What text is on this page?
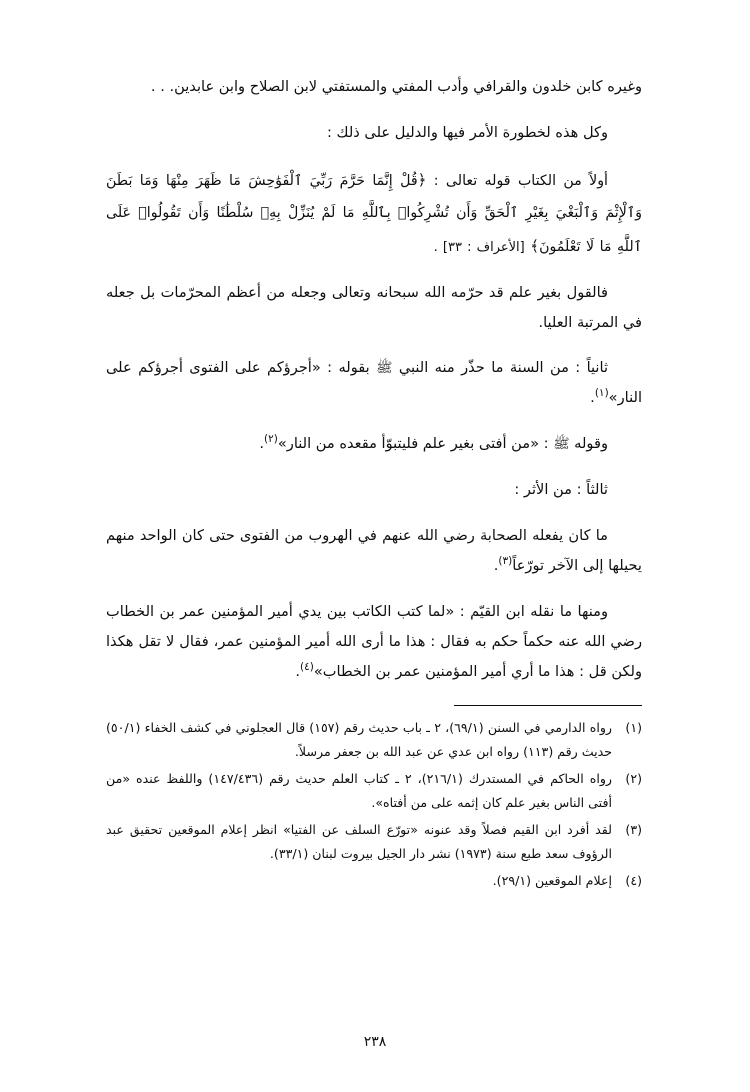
وغيره كابن خلدون والقرافي وأدب المفتي والمستفتي لابن الصلاح وابن عابدين. . .

وكل هذه لخطورة الأمر فيها والدليل على ذلك :

أولاً من الكتاب قوله تعالى : ﴿قُلْ إِنَّمَا حَرَّمَ رَبِّيَ ٱلْفَوَٰحِشَ مَا ظَهَرَ مِنْهَا وَمَا بَطَنَ وَٱلْإِثْمَ وَٱلْبَغْيَ بِغَيْرِ ٱلْحَقِّ وَأَن تُشْرِكُوا۟ بِٱللَّهِ مَا لَمْ يُنَزِّلْ بِهِۦ سُلْطَٰنًا وَأَن تَقُولُوا۟ عَلَى ٱللَّهِ مَا لَا تَعْلَمُونَ﴾ [الأعراف : ٣٣] .

فالقول بغير علم قد حرّمه الله سبحانه وتعالى وجعله من أعظم المحرّمات بل جعله في المرتبة العليا.

ثانياً : من السنة ما حذّر منه النبي ﷺ بقوله : «أجرؤكم على الفتوى أجرؤكم على النار»$^{(١)}$.

وقوله ﷺ : «من أفتى بغير علم فليتبوّأ مقعده من النار»$^{(٢)}$.

ثالثاً : من الأثر :

ما كان يفعله الصحابة رضي الله عنهم في الهروب من الفتوى حتى كان الواحد منهم يحيلها إلى الآخر تورّعاً$^{(٣)}$.

ومنها ما نقله ابن القيّم : «لما كتب الكاتب بين يدي أمير المؤمنين عمر بن الخطاب رضي الله عنه حكماً حكم به فقال : هذا ما أرى الله أمير المؤمنين عمر، فقال لا تقل هكذا ولكن قل : هذا ما أري أمير المؤمنين عمر بن الخطاب»$^{(٤)}$.

(١)
رواه الدارمي في السنن (٦٩/١)، ٢ ـ باب حديث رقم (١٥٧) قال العجلوني في كشف الخفاء (٥٠/١) حديث رقم (١١٣) رواه ابن عدي عن عبد الله بن جعفر مرسلاً.

(٢)
رواه الحاكم في المستدرك (٢١٦/١)، ٢ ـ كتاب العلم حديث رقم (١٤٧/٤٣٦) واللفظ عنده «من أفتى الناس بغير علم كان إثمه على من أفتاه».

(٣)
لقد أفرد ابن القيم فصلاً وقد عنونه «تورّع السلف عن الفتيا» انظر إعلام الموقعين تحقيق عبد الرؤوف سعد طبع سنة (١٩٧٣) نشر دار الجيل بيروت لبنان (٣٣/١).

(٤)
إعلام الموقعين (٢٩/١).

٢٣٨
